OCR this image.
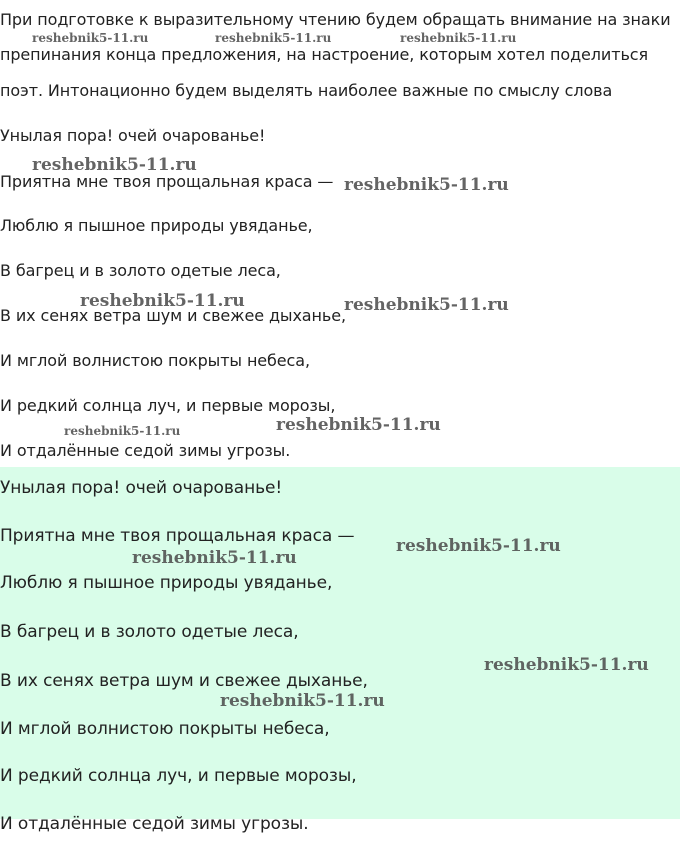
При подготовке к выразительному чтению будем обращать внимание на знаки
препинания конца предложения, на настроение, которым хотел поделиться
поэт. Интонационно будем выделять наиболее важные по смыслу слова
Унылая пора! очей очарованье!
Приятна мне твоя прощальная краса —
Люблю я пышное природы увяданье,
В багрец и в золото одетые леса,
В их сенях ветра шум и свежее дыханье,
И мглой волнистою покрыты небеса,
И редкий солнца луч, и первые морозы,
И отдалённые седой зимы угрозы.
Унылая пора! очей очарованье!
Приятна мне твоя прощальная краса —
Люблю я пышное природы увяданье,
В багрец и в золото одетые леса,
В их сенях ветра шум и свежее дыханье,
И мглой волнистою покрыты небеса,
И редкий солнца луч, и первые морозы,
И отдалённые седой зимы угрозы.
reshebnik5-11.ru	reshebnik5-11.ru	reshebnik5-11.ru
reshebnik5-11.ru
reshebnik5-11.ru
reshebnik5-11.ru	reshebnik5-11.ru
reshebnik5-11.ru	reshebnik5-11.ru
reshebnik5-11.ru
reshebnik5-11.ru
reshebnik5-11.ru
reshebnik5-11.ru
